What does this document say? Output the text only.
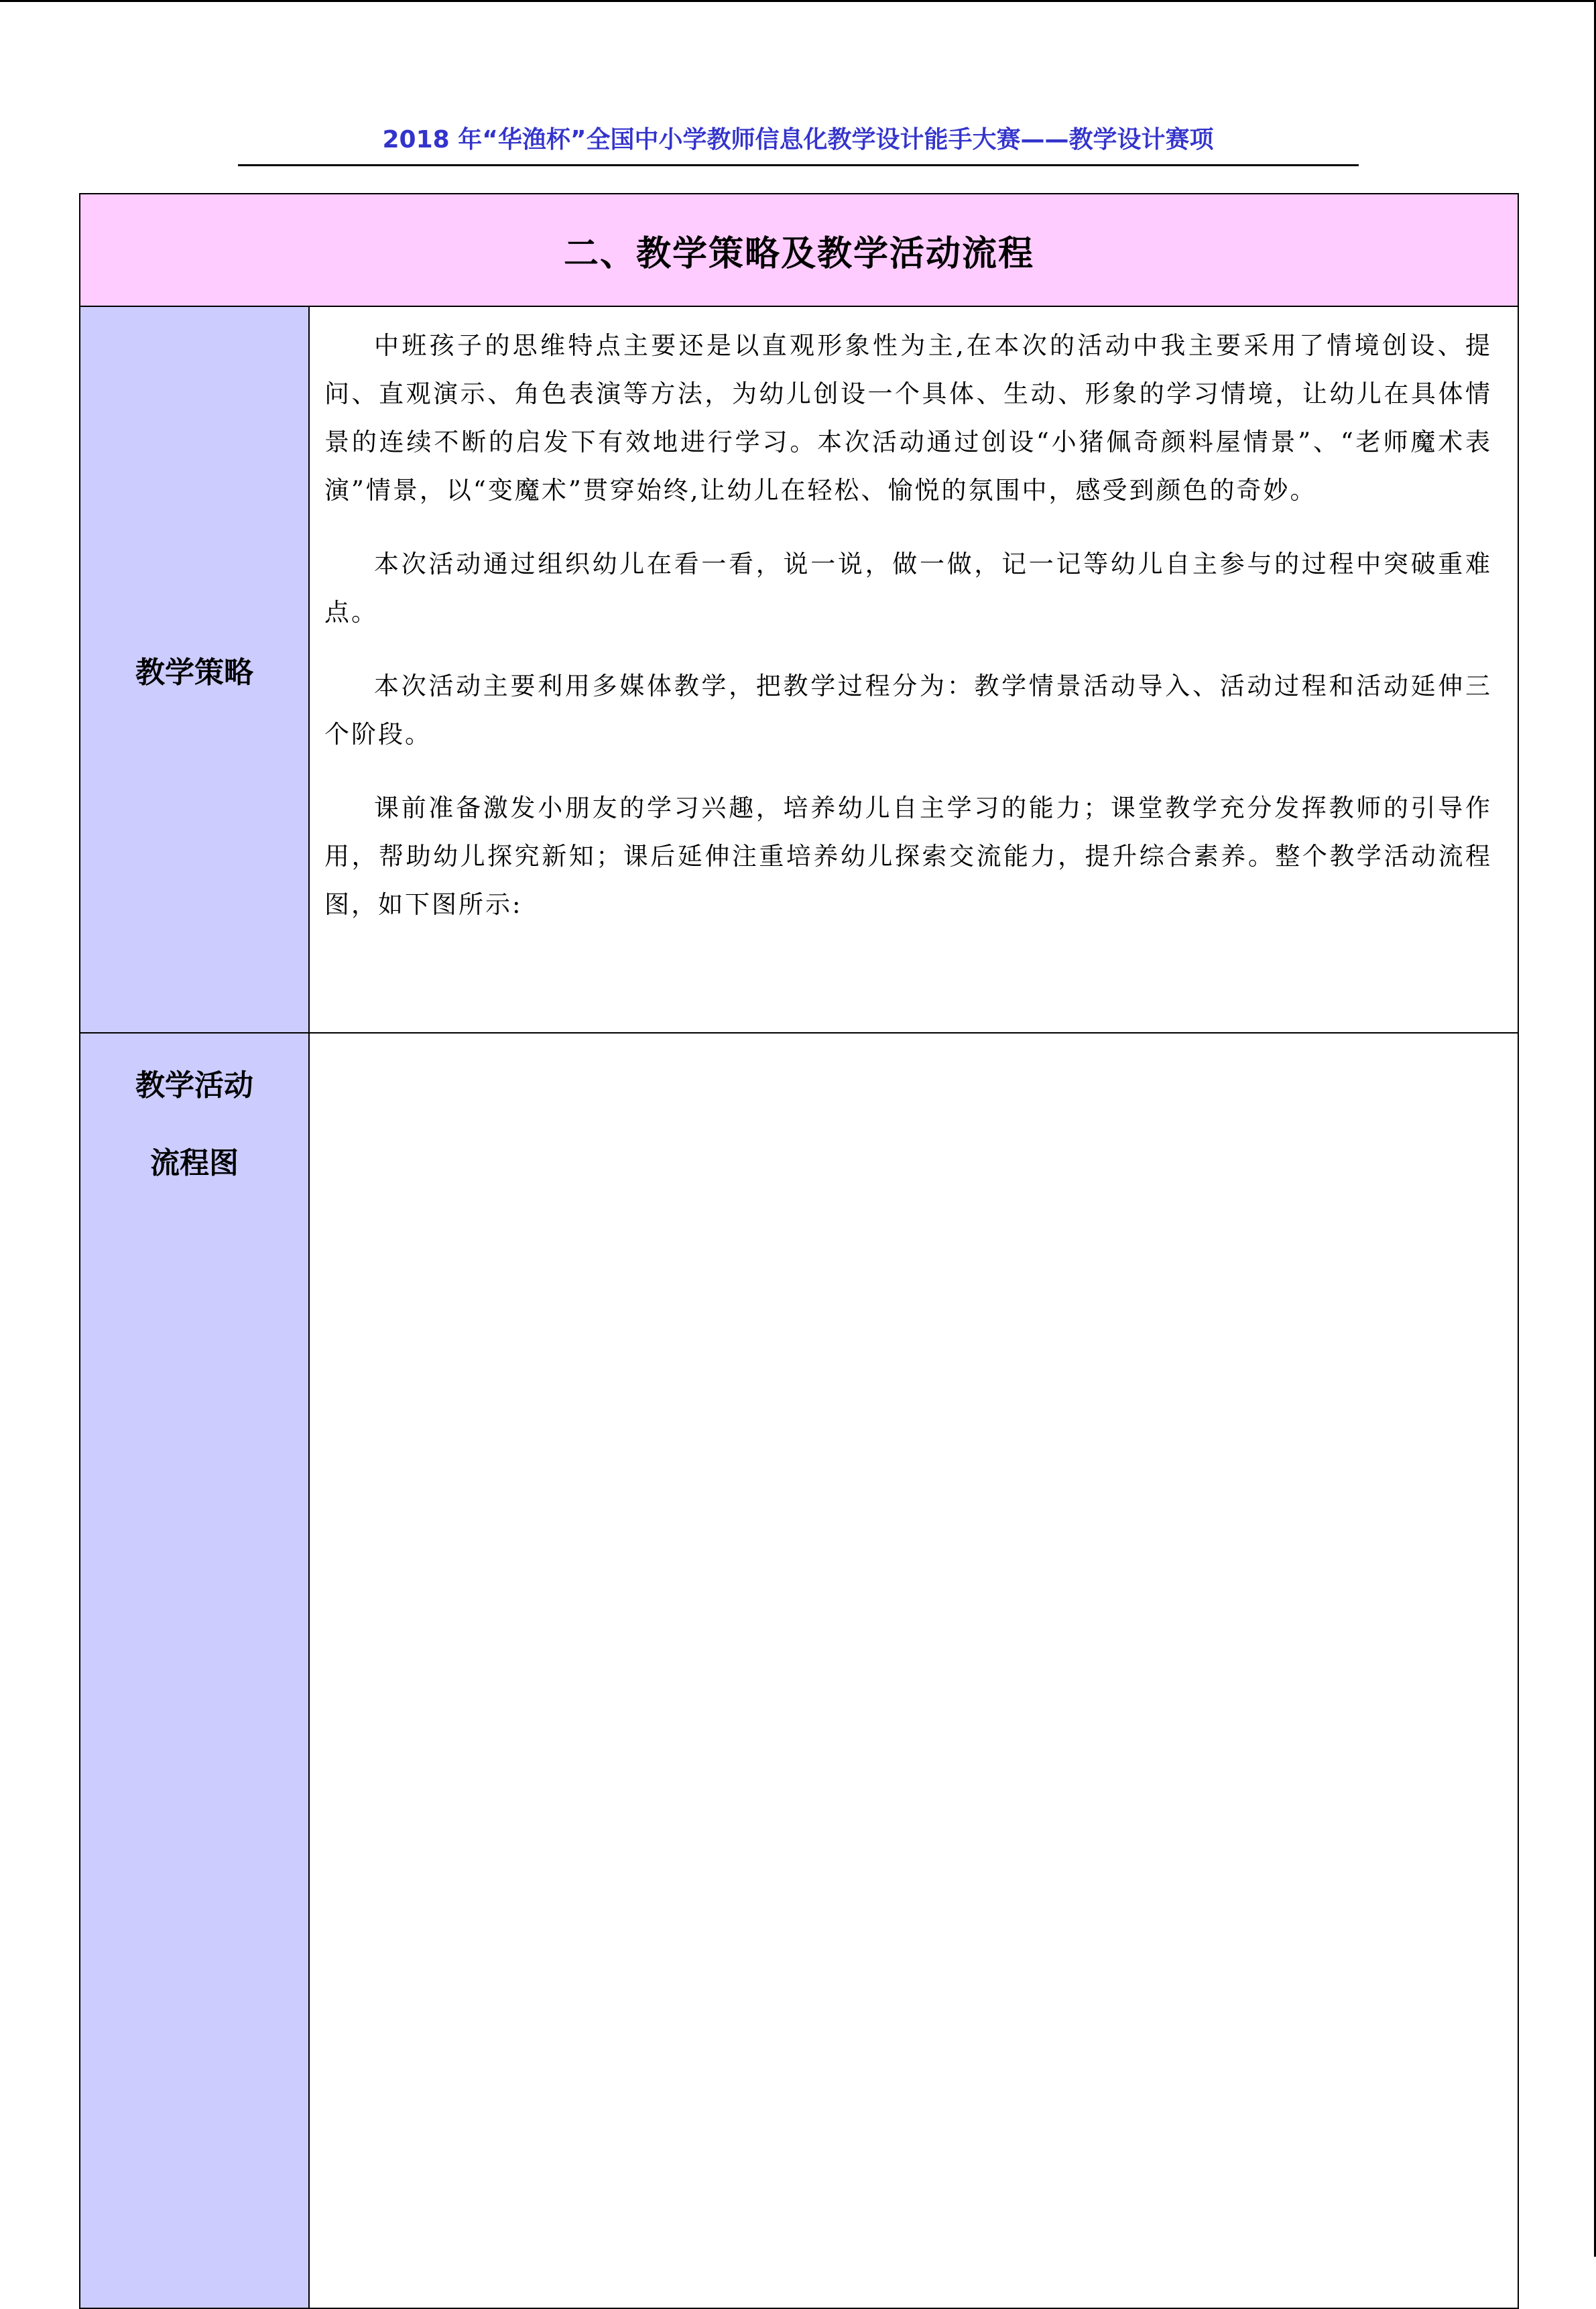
2018 年“华渔杯”全国中小学教师信息化教学设计能手大赛——教学设计赛项
二、教学策略及教学活动流程	
教学策略	中班孩子的思维特点主要还是以直观形象性为主,在本次的活动中我主要采用了情境创设、提问、直观演示、角色表演等方法，为幼儿创设一个具体、生动、形象的学习情境，让幼儿在具体情景的连续不断的启发下有效地进行学习。本次活动通过创设“小猪佩奇颜料屋情景”、“老师魔术表演”情景，以“变魔术”贯穿始终,让幼儿在轻松、愉悦的氛围中，感受到颜色的奇妙。

本次活动通过组织幼儿在看一看，说一说，做一做，记一记等幼儿自主参与的过程中突破重难点。

本次活动主要利用多媒体教学，把教学过程分为：教学情景活动导入、活动过程和活动延伸三个阶段。

课前准备激发小朋友的学习兴趣，培养幼儿自主学习的能力；课堂教学充分发挥教师的引导作用，帮助幼儿探究新知；课后延伸注重培养幼儿探索交流能力，提升综合素养。整个教学活动流程图，如下图所示:

教学活动
流程图	
